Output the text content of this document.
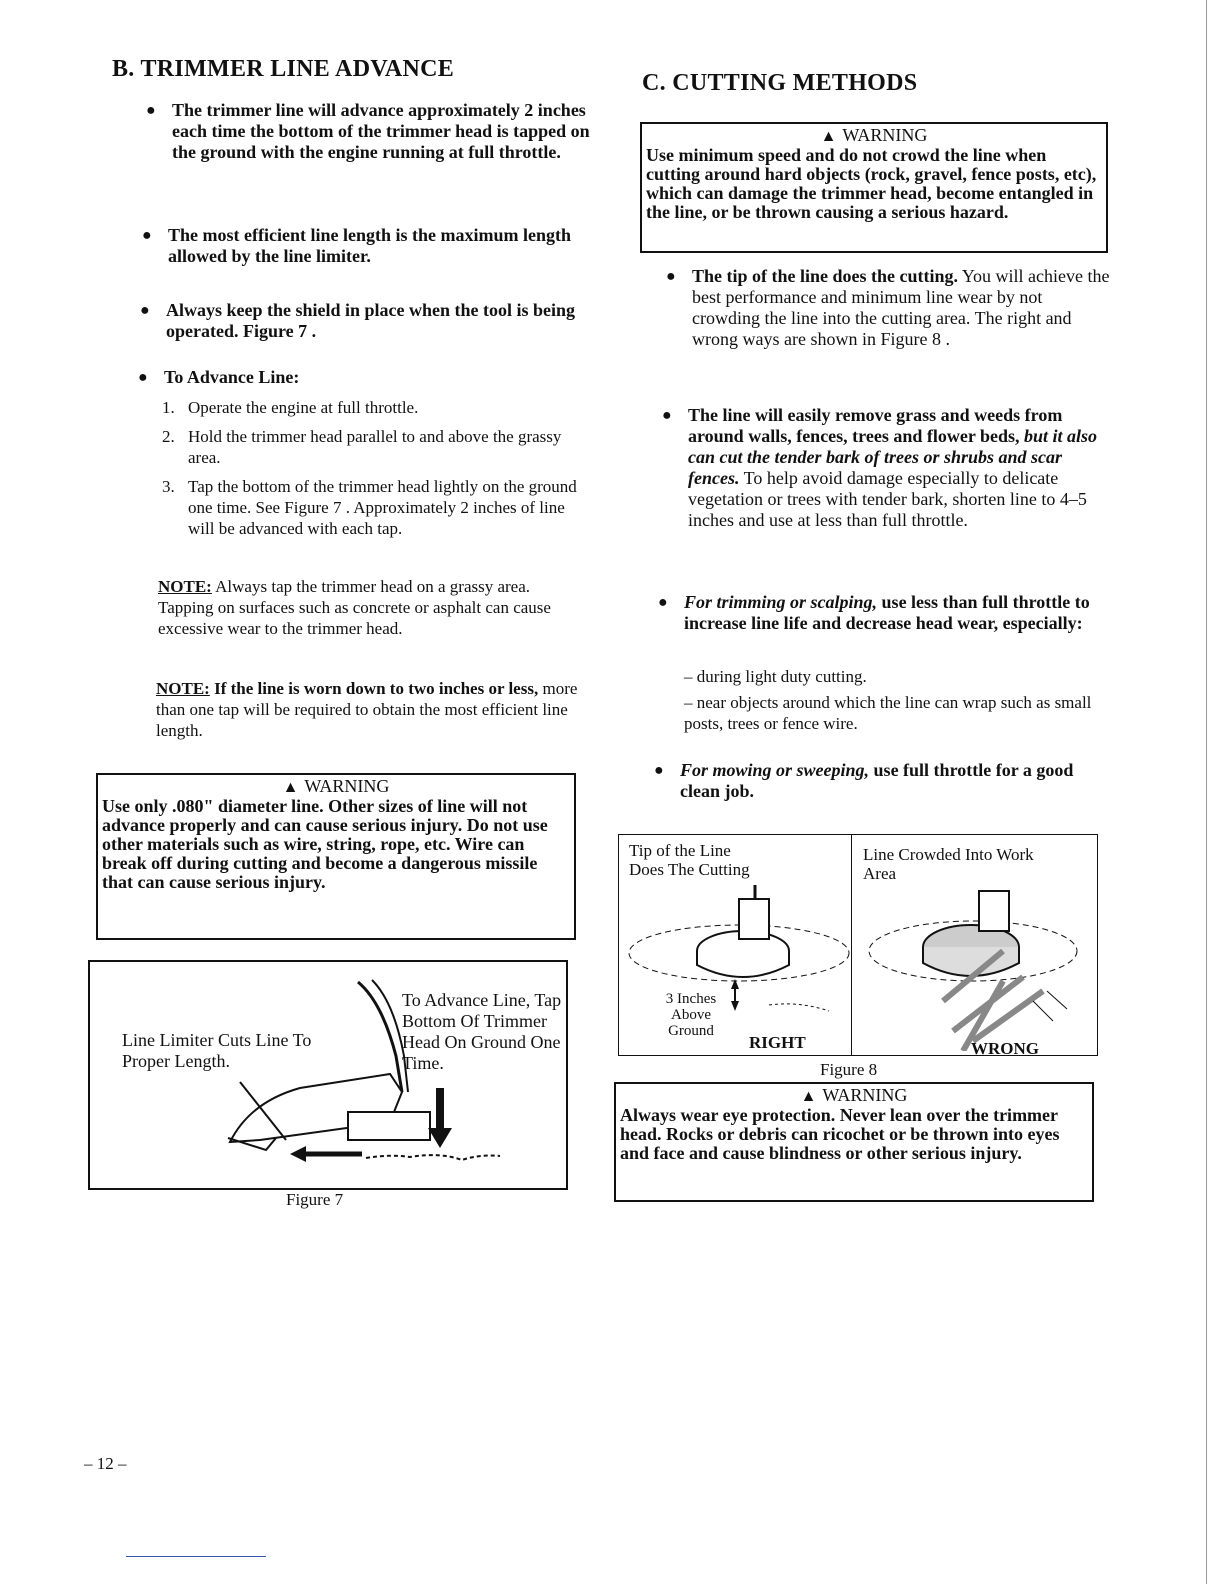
B. TRIMMER LINE ADVANCE
● The trimmer line will advance approximately 2 inches each time the bottom of the trimmer head is tapped on the ground with the engine running at full throttle.
● The most efficient line length is the maximum length allowed by the line limiter.
● Always keep the shield in place when the tool is being operated. Figure 7 .
● To Advance Line:
1. Operate the engine at full throttle.
2. Hold the trimmer head parallel to and above the grassy area.
3. Tap the bottom of the trimmer head lightly on the ground one time. See Figure 7 . Approximately 2 inches of line will be advanced with each tap.
NOTE: Always tap the trimmer head on a grassy area. Tapping on surfaces such as concrete or asphalt can cause excessive wear to the trimmer head.
NOTE: If the line is worn down to two inches or less, more than one tap will be required to obtain the most efficient line length.
▲ WARNING
Use only .080" diameter line. Other sizes of line will not advance properly and can cause serious injury. Do not use other materials such as wire, string, rope, etc. Wire can break off during cutting and become a dangerous missile that can cause serious injury.
Line Limiter Cuts Line To Proper Length.
To Advance Line, Tap Bottom Of Trimmer Head On Ground One Time.
Figure 7
C. CUTTING METHODS
▲ WARNING
Use minimum speed and do not crowd the line when cutting around hard objects (rock, gravel, fence posts, etc), which can damage the trimmer head, become entangled in the line, or be thrown causing a serious hazard.
● The tip of the line does the cutting. You will achieve the best performance and minimum line wear by not crowding the line into the cutting area. The right and wrong ways are shown in Figure 8 .
● The line will easily remove grass and weeds from around walls, fences, trees and flower beds, but it also can cut the tender bark of trees or shrubs and scar fences. To help avoid damage especially to delicate vegetation or trees with tender bark, shorten line to 4–5 inches and use at less than full throttle.
● For trimming or scalping, use less than full throttle to increase line life and decrease head wear, especially:
– during light duty cutting.
– near objects around which the line can wrap such as small posts, trees or fence wire.
● For mowing or sweeping, use full throttle for a good clean job.
Tip of the Line Does The Cutting
Line Crowded Into Work Area
3 Inches Above Ground
RIGHT	WRONG
Figure 8
▲ WARNING
Always wear eye protection. Never lean over the trimmer head. Rocks or debris can ricochet or be thrown into eyes and face and cause blindness or other serious injury.
– 12 –
